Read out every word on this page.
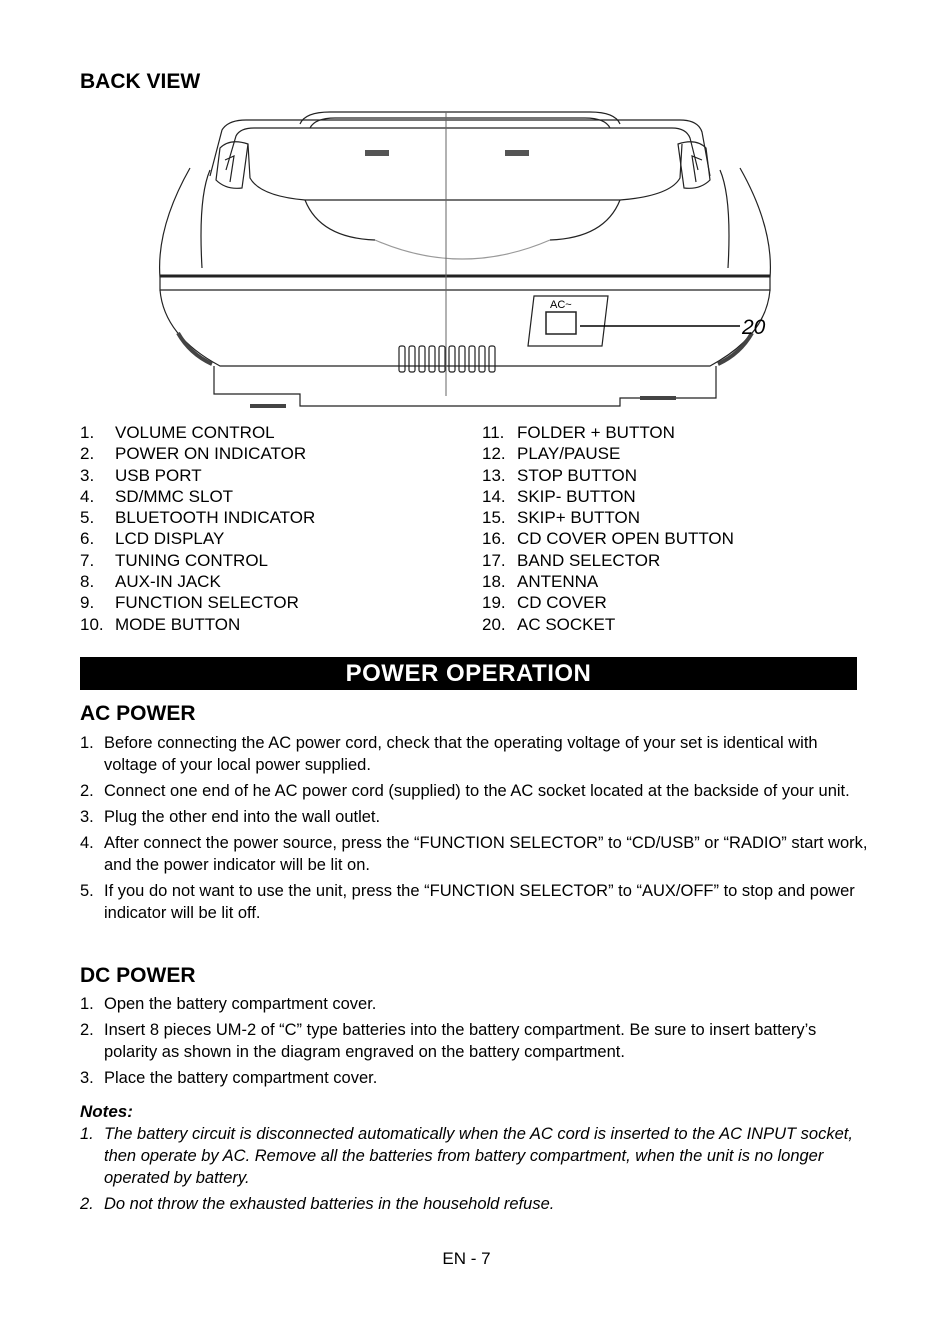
BACK VIEW
AC~
20
1. VOLUME CONTROL
2. POWER ON INDICATOR
3. USB PORT
4. SD/MMC SLOT
5. BLUETOOTH INDICATOR
6. LCD DISPLAY
7. TUNING CONTROL
8. AUX-IN JACK
9. FUNCTION SELECTOR
10. MODE BUTTON
11. FOLDER + BUTTON
12. PLAY/PAUSE
13. STOP BUTTON
14. SKIP- BUTTON
15. SKIP+ BUTTON
16. CD COVER OPEN BUTTON
17. BAND SELECTOR
18. ANTENNA
19. CD COVER
20. AC SOCKET
POWER OPERATION
AC POWER
1. Before connecting the AC power cord, check that the operating voltage of your set is identical with voltage of your local power supplied.
2. Connect one end of he AC power cord (supplied) to the AC socket located at the backside of your unit.
3. Plug the other end into the wall outlet.
4. After connect the power source, press the “FUNCTION SELECTOR” to “CD/USB” or “RADIO” start work, and the power indicator will be lit on.
5. If you do not want to use the unit, press the “FUNCTION SELECTOR” to “AUX/OFF” to stop and power indicator will be lit off.
DC POWER
1. Open the battery compartment cover.
2. Insert 8 pieces UM-2 of “C” type batteries into the battery compartment. Be sure to insert battery’s polarity as shown in the diagram engraved on the battery compartment.
3. Place the battery compartment cover.
Notes:
1. The battery circuit is disconnected automatically when the AC cord is inserted to the AC INPUT socket, then operate by AC. Remove all the batteries from battery compartment, when the unit is no longer operated by battery.
2. Do not throw the exhausted batteries in the household refuse.
EN - 7
